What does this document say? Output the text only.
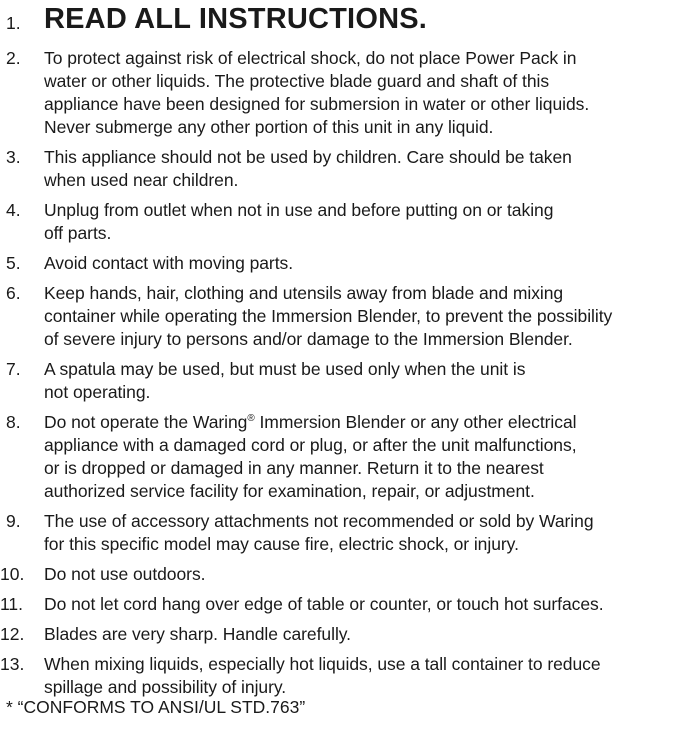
1. READ ALL INSTRUCTIONS.
2.	To protect against risk of electrical shock, do not place Power Pack in
water or other liquids. The protective blade guard and shaft of this
appliance have been designed for submersion in water or other liquids.
Never submerge any other portion of this unit in any liquid.
3.	This appliance should not be used by children. Care should be taken
when used near children.
4.	Unplug from outlet when not in use and before putting on or taking
off parts.
5.	Avoid contact with moving parts.
6.	Keep hands, hair, clothing and utensils away from blade and mixing
container while operating the Immersion Blender, to prevent the possibility
of severe injury to persons and/or damage to the Immersion Blender.
7.	A spatula may be used, but must be used only when the unit is
not operating.
8.	Do not operate the Waring® Immersion Blender or any other electrical
appliance with a damaged cord or plug, or after the unit malfunctions,
or is dropped or damaged in any manner. Return it to the nearest
authorized service facility for examination, repair, or adjustment.
9.	The use of accessory attachments not recommended or sold by Waring
for this specific model may cause fire, electric shock, or injury.
10.	Do not use outdoors.
11.	Do not let cord hang over edge of table or counter, or touch hot surfaces.
12.	Blades are very sharp. Handle carefully.
13.	When mixing liquids, especially hot liquids, use a tall container to reduce
spillage and possibility of injury.
* “CONFORMS TO ANSI/UL STD.763”
